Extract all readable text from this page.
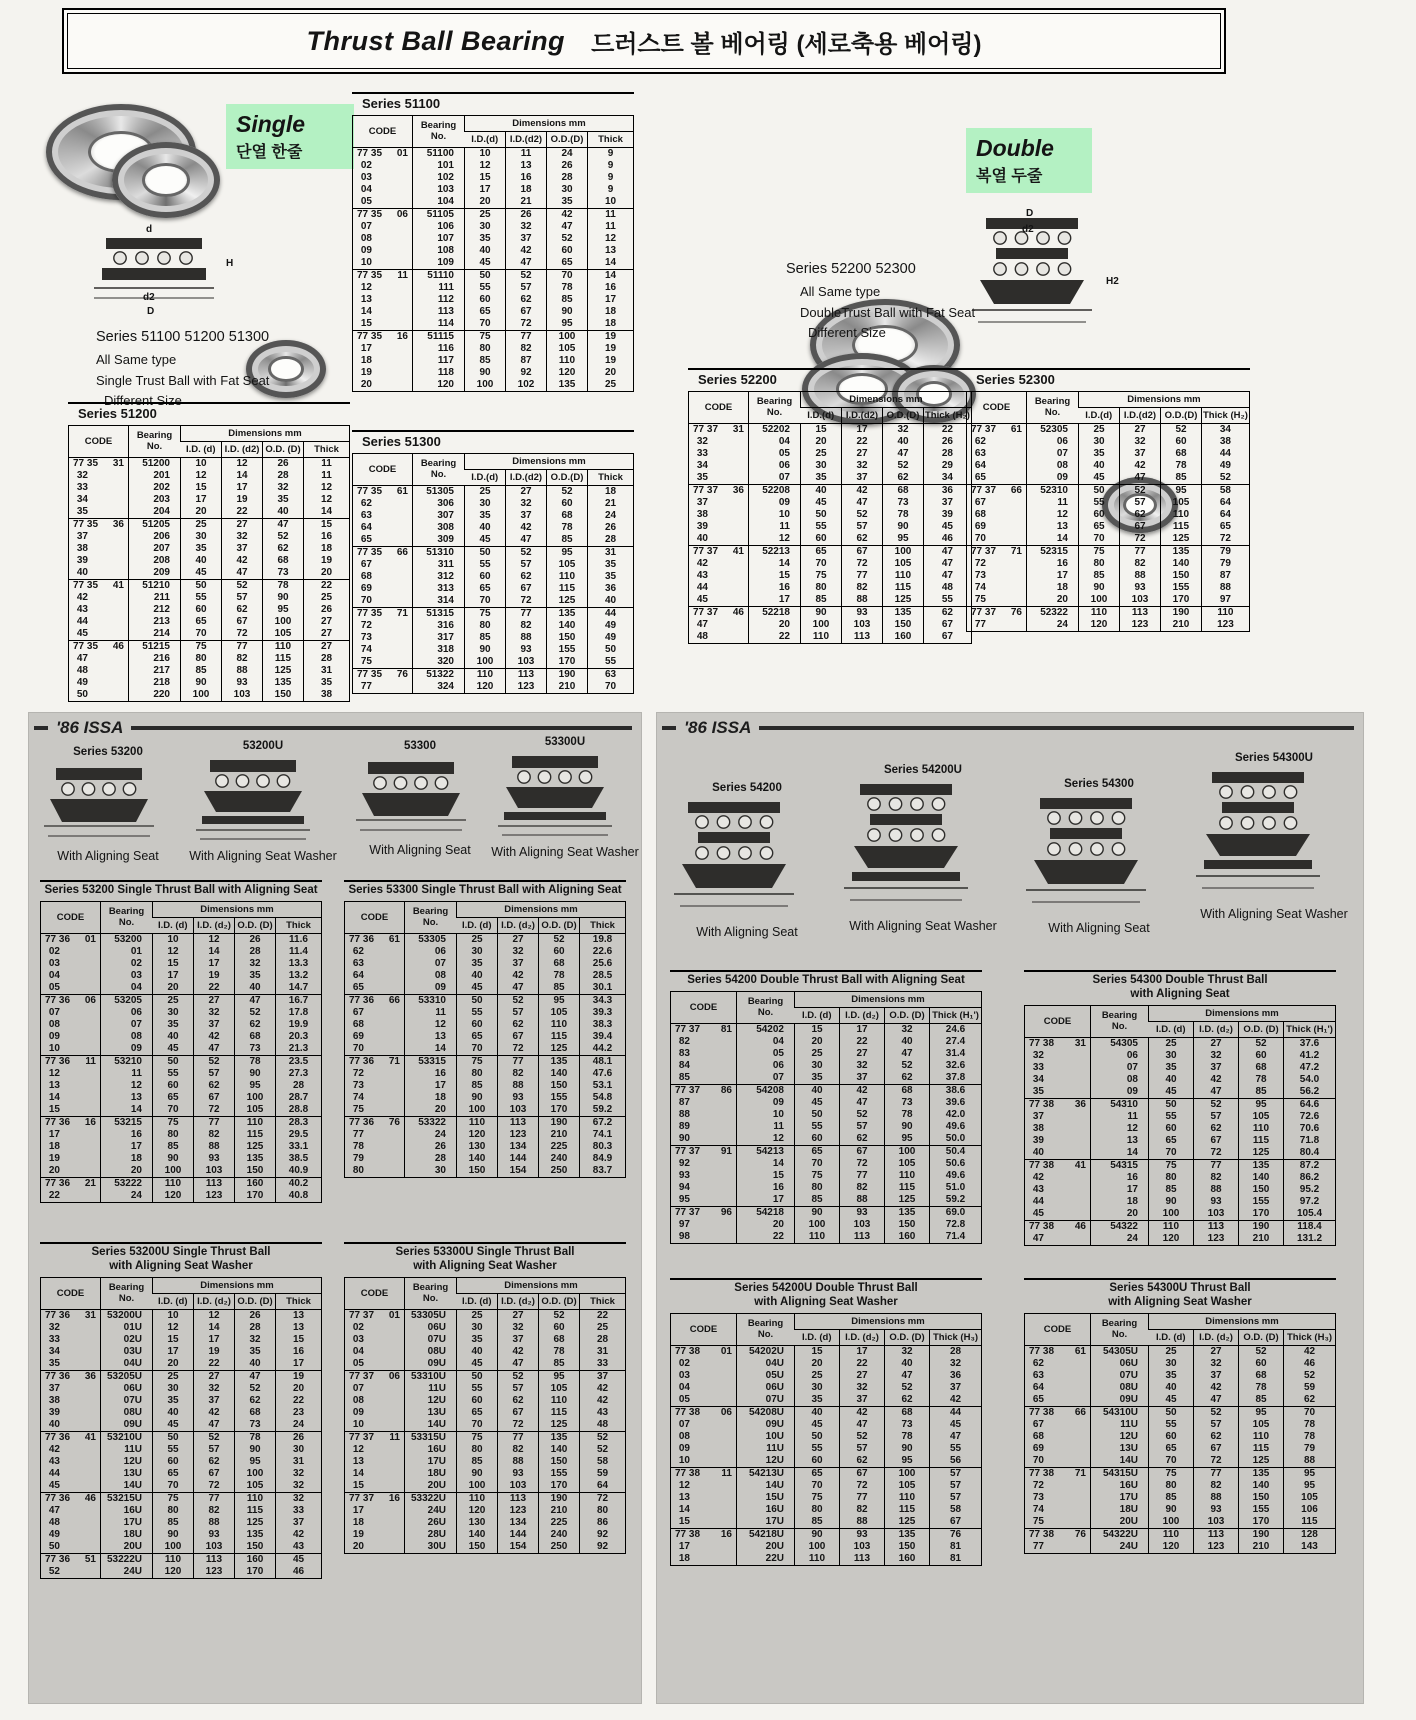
Thrust Ball Bearing 드러스트 볼 베어링 (세로축용 베어링)
Single
단열 한줄
d
d2
D
H
Series 51100 51200 51300
All Same type
Single Trust Ball with Fat Seat
Different Size
Double
복열 두줄
Series 52200 52300
All Same type
DoubleTrust Ball with Fat Seat
Different Size
D
d2
H2
Series 51100
CODE	Bearing
No.	Dimensions mm			
		I.D.(d)	I.D.(d2)	O.D.(D)	Thick

77 35 01	51100	10	11	24	9

02	101	12	13	26	9

03	102	15	16	28	9

04	103	17	18	30	9

05	104	20	21	35	10

77 35 06	51105	25	26	42	11

07	106	30	32	47	11

08	107	35	37	52	12

09	108	40	42	60	13

10	109	45	47	65	14

77 35 11	51110	50	52	70	14

12	111	55	57	78	16

13	112	60	62	85	17

14	113	65	67	90	18

15	114	70	72	95	18

77 35 16	51115	75	77	100	19

17	116	80	82	105	19

18	117	85	87	110	19

19	118	90	92	120	20

20	120	100	102	135	25
Series 51200
CODE	Bearing
No.	Dimensions mm			
		I.D. (d)	I.D. (d2)	O.D. (D)	Thick

77 35 31	51200	10	12	26	11

32	201	12	14	28	11

33	202	15	17	32	12

34	203	17	19	35	12

35	204	20	22	40	14

77 35 36	51205	25	27	47	15

37	206	30	32	52	16

38	207	35	37	62	18

39	208	40	42	68	19

40	209	45	47	73	20

77 35 41	51210	50	52	78	22

42	211	55	57	90	25

43	212	60	62	95	26

44	213	65	67	100	27

45	214	70	72	105	27

77 35 46	51215	75	77	110	27

47	216	80	82	115	28

48	217	85	88	125	31

49	218	90	93	135	35

50	220	100	103	150	38
Series 51300
CODE	Bearing
No.	Dimensions mm			
		I.D.(d)	I.D.(d2)	O.D.(D)	Thick

77 35 61	51305	25	27	52	18

62	306	30	32	60	21

63	307	35	37	68	24

64	308	40	42	78	26

65	309	45	47	85	28

77 35 66	51310	50	52	95	31

67	311	55	57	105	35

68	312	60	62	110	35

69	313	65	67	115	36

70	314	70	72	125	40

77 35 71	51315	75	77	135	44

72	316	80	82	140	49

73	317	85	88	150	49

74	318	90	93	155	50

75	320	100	103	170	55

77 35 76	51322	110	113	190	63

77	324	120	123	210	70
Series 52200
CODE	Bearing
No.	Dimensions mm			
		I.D.(d)	I.D.(d2)	O.D.(D)	Thick (H₂)

77 37 31	52202	15	17	32	22

32	04	20	22	40	26

33	05	25	27	47	28

34	06	30	32	52	29

35	07	35	37	62	34

77 37 36	52208	40	42	68	36

37	09	45	47	73	37

38	10	50	52	78	39

39	11	55	57	90	45

40	12	60	62	95	46

77 37 41	52213	65	67	100	47

42	14	70	72	105	47

43	15	75	77	110	47

44	16	80	82	115	48

45	17	85	88	125	55

77 37 46	52218	90	93	135	62

47	20	100	103	150	67

48	22	110	113	160	67
Series 52300
CODE	Bearing
No.	Dimensions mm			
		I.D.(d)	I.D.(d2)	O.D.(D)	Thick (H₂)

77 37 61	52305	25	27	52	34

62	06	30	32	60	38

63	07	35	37	68	44

64	08	40	42	78	49

65	09	45	47	85	52

77 37 66	52310	50	52	95	58

67	11	55	57	105	64

68	12	60	62	110	64

69	13	65	67	115	65

70	14	70	72	125	72

77 37 71	52315	75	77	135	79

72	16	80	82	140	79

73	17	85	88	150	87

74	18	90	93	155	88

75	20	100	103	170	97

77 37 76	52322	110	113	190	110

77	24	120	123	210	123
'86 ISSA
Series 53200
With Aligning Seat
53200U
With Aligning Seat Washer
53300
With Aligning Seat
53300U
With Aligning Seat Washer
Series 53200 Single Thrust Ball with Aligning Seat
CODE	Bearing
No.	Dimensions mm			
		I.D. (d)	I.D. (d₂)	O.D. (D)	Thick

77 36 01	53200	10	12	26	11.6

02	01	12	14	28	11.4

03	02	15	17	32	13.3

04	03	17	19	35	13.2

05	04	20	22	40	14.7

77 36 06	53205	25	27	47	16.7

07	06	30	32	52	17.8

08	07	35	37	62	19.9

09	08	40	42	68	20.3

10	09	45	47	73	21.3

77 36 11	53210	50	52	78	23.5

12	11	55	57	90	27.3

13	12	60	62	95	28

14	13	65	67	100	28.7

15	14	70	72	105	28.8

77 36 16	53215	75	77	110	28.3

17	16	80	82	115	29.5

18	17	85	88	125	33.1

19	18	90	93	135	38.5

20	20	100	103	150	40.9

77 36 21	53222	110	113	160	40.2

22	24	120	123	170	40.8
Series 53300 Single Thrust Ball with Aligning Seat
CODE	Bearing
No.	Dimensions mm			
		I.D. (d)	I.D. (d₂)	O.D. (D)	Thick

77 36 61	53305	25	27	52	19.8

62	06	30	32	60	22.6

63	07	35	37	68	25.6

64	08	40	42	78	28.5

65	09	45	47	85	30.1

77 36 66	53310	50	52	95	34.3

67	11	55	57	105	39.3

68	12	60	62	110	38.3

69	13	65	67	115	39.4

70	14	70	72	125	44.2

77 36 71	53315	75	77	135	48.1

72	16	80	82	140	47.6

73	17	85	88	150	53.1

74	18	90	93	155	54.8

75	20	100	103	170	59.2

77 36 76	53322	110	113	190	67.2

77	24	120	123	210	74.1

78	26	130	134	225	80.3

79	28	140	144	240	84.9

80	30	150	154	250	83.7
Series 53200U Single Thrust Ball
with Aligning Seat Washer
CODE	Bearing
No.	Dimensions mm			
		I.D. (d)	I.D. (d₂)	O.D. (D)	Thick

77 36 31	53200U	10	12	26	13

32	01U	12	14	28	13

33	02U	15	17	32	15

34	03U	17	19	35	16

35	04U	20	22	40	17

77 36 36	53205U	25	27	47	19

37	06U	30	32	52	20

38	07U	35	37	62	22

39	08U	40	42	68	23

40	09U	45	47	73	24

77 36 41	53210U	50	52	78	26

42	11U	55	57	90	30

43	12U	60	62	95	31

44	13U	65	67	100	32

45	14U	70	72	105	32

77 36 46	53215U	75	77	110	32

47	16U	80	82	115	33

48	17U	85	88	125	37

49	18U	90	93	135	42

50	20U	100	103	150	43

77 36 51	53222U	110	113	160	45

52	24U	120	123	170	46
Series 53300U Single Thrust Ball
with Aligning Seat Washer
CODE	Bearing
No.	Dimensions mm			
		I.D. (d)	I.D. (d₂)	O.D. (D)	Thick

77 37 01	53305U	25	27	52	22

02	06U	30	32	60	25

03	07U	35	37	68	28

04	08U	40	42	78	31

05	09U	45	47	85	33

77 37 06	53310U	50	52	95	37

07	11U	55	57	105	42

08	12U	60	62	110	42

09	13U	65	67	115	43

10	14U	70	72	125	48

77 37 11	53315U	75	77	135	52

12	16U	80	82	140	52

13	17U	85	88	150	58

14	18U	90	93	155	59

15	20U	100	103	170	64

77 37 16	53322U	110	113	190	72

17	24U	120	123	210	80

18	26U	130	134	225	86

19	28U	140	144	240	92

20	30U	150	154	250	92
'86 ISSA
Series 54200
With Aligning Seat
Series 54200U
With Aligning Seat Washer
Series 54300
With Aligning Seat
Series 54300U
With Aligning Seat Washer
Series 54200 Double Thrust Ball with Aligning Seat
CODE	Bearing
No.	Dimensions mm			
		I.D. (d)	I.D. (d₂)	O.D. (D)	Thick (H₁')

77 37 81	54202	15	17	32	24.6

82	04	20	22	40	27.4

83	05	25	27	47	31.4

84	06	30	32	52	32.6

85	07	35	37	62	37.8

77 37 86	54208	40	42	68	38.6

87	09	45	47	73	39.6

88	10	50	52	78	42.0

89	11	55	57	90	49.6

90	12	60	62	95	50.0

77 37 91	54213	65	67	100	50.4

92	14	70	72	105	50.6

93	15	75	77	110	49.6

94	16	80	82	115	51.0

95	17	85	88	125	59.2

77 37 96	54218	90	93	135	69.0

97	20	100	103	150	72.8

98	22	110	113	160	71.4
Series 54300 Double Thrust Ball
with Aligning Seat
CODE	Bearing
No.	Dimensions mm			
		I.D. (d)	I.D. (d₂)	O.D. (D)	Thick (H₁')

77 38 31	54305	25	27	52	37.6

32	06	30	32	60	41.2

33	07	35	37	68	47.2

34	08	40	42	78	54.0

35	09	45	47	85	56.2

77 38 36	54310	50	52	95	64.6

37	11	55	57	105	72.6

38	12	60	62	110	70.6

39	13	65	67	115	71.8

40	14	70	72	125	80.4

77 38 41	54315	75	77	135	87.2

42	16	80	82	140	86.2

43	17	85	88	150	95.2

44	18	90	93	155	97.2

45	20	100	103	170	105.4

77 38 46	54322	110	113	190	118.4

47	24	120	123	210	131.2
Series 54200U Double Thrust Ball
with Aligning Seat Washer
CODE	Bearing
No.	Dimensions mm			
		I.D. (d)	I.D. (d₂)	O.D. (D)	Thick (H₃)

77 38 01	54202U	15	17	32	28

02	04U	20	22	40	32

03	05U	25	27	47	36

04	06U	30	32	52	37

05	07U	35	37	62	42

77 38 06	54208U	40	42	68	44

07	09U	45	47	73	45

08	10U	50	52	78	47

09	11U	55	57	90	55

10	12U	60	62	95	56

77 38 11	54213U	65	67	100	57

12	14U	70	72	105	57

13	15U	75	77	110	57

14	16U	80	82	115	58

15	17U	85	88	125	67

77 38 16	54218U	90	93	135	76

17	20U	100	103	150	81

18	22U	110	113	160	81
Series 54300U Thrust Ball
with Aligning Seat Washer
CODE	Bearing
No.	Dimensions mm			
		I.D. (d)	I.D. (d₂)	O.D. (D)	Thick (H₃)

77 38 61	54305U	25	27	52	42

62	06U	30	32	60	46

63	07U	35	37	68	52

64	08U	40	42	78	59

65	09U	45	47	85	62

77 38 66	54310U	50	52	95	70

67	11U	55	57	105	78

68	12U	60	62	110	78

69	13U	65	67	115	79

70	14U	70	72	125	88

77 38 71	54315U	75	77	135	95

72	16U	80	82	140	95

73	17U	85	88	150	105

74	18U	90	93	155	106

75	20U	100	103	170	115

77 38 76	54322U	110	113	190	128

77	24U	120	123	210	143
